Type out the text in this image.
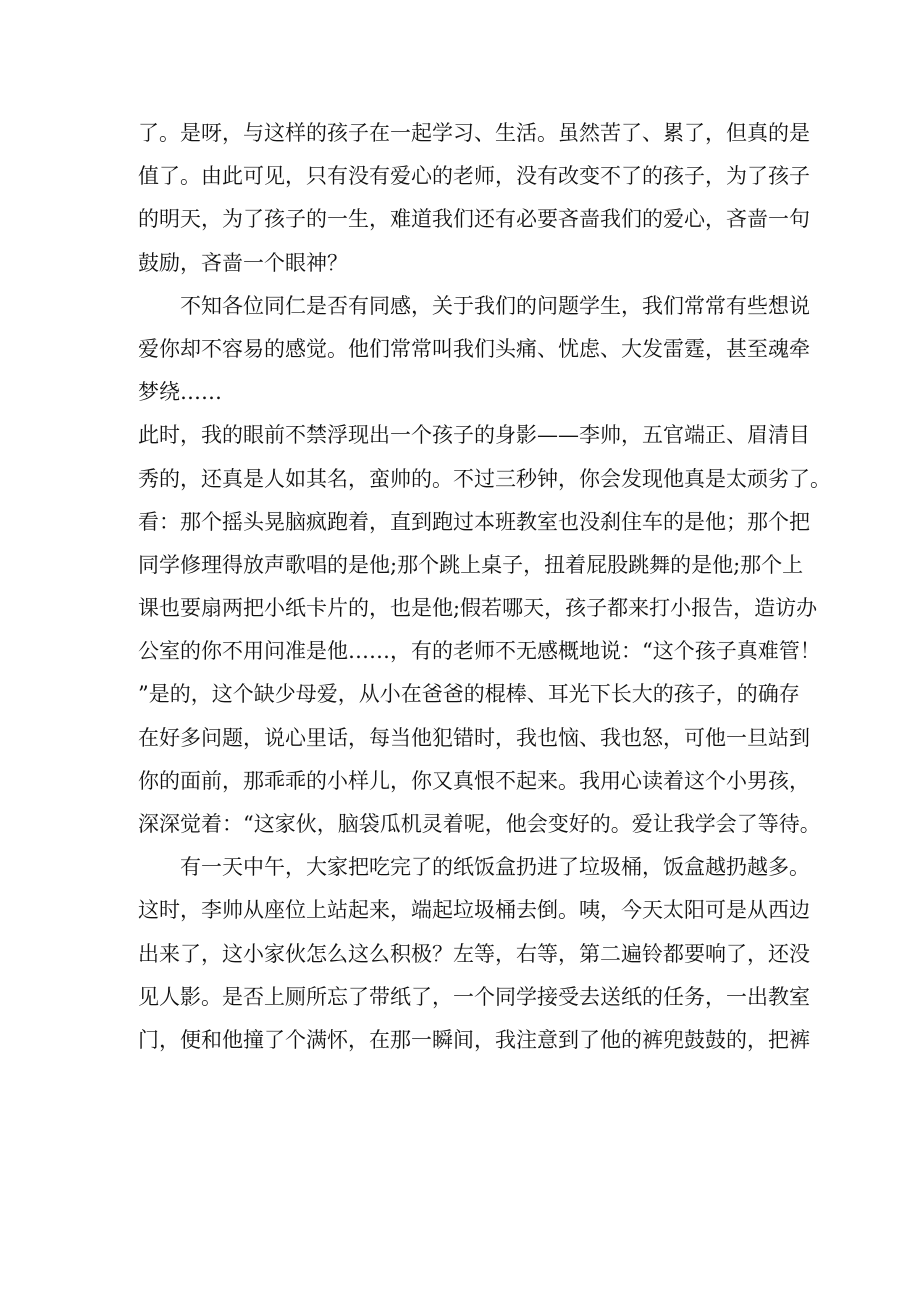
了。是呀，与这样的孩子在一起学习、生活。虽然苦了、累了，但真的是
值了。由此可见，只有没有爱心的老师，没有改变不了的孩子，为了孩子
的明天，为了孩子的一生，难道我们还有必要吝啬我们的爱心，吝啬一句
鼓励，吝啬一个眼神？
　　不知各位同仁是否有同感，关于我们的问题学生，我们常常有些想说
爱你却不容易的感觉。他们常常叫我们头痛、忧虑、大发雷霆，甚至魂牵
梦绕……
此时，我的眼前不禁浮现出一个孩子的身影——李帅，五官端正、眉清目
秀的，还真是人如其名，蛮帅的。不过三秒钟，你会发现他真是太顽劣了。
看：那个摇头晃脑疯跑着，直到跑过本班教室也没刹住车的是他；那个把
同学修理得放声歌唱的是他;那个跳上桌子，扭着屁股跳舞的是他;那个上
课也要扇两把小纸卡片的，也是他;假若哪天，孩子都来打小报告，造访办
公室的你不用问准是他……，有的老师不无感概地说：“这个孩子真难管！
”是的，这个缺少母爱，从小在爸爸的棍棒、耳光下长大的孩子，的确存
在好多问题，说心里话，每当他犯错时，我也恼、我也怒，可他一旦站到
你的面前，那乖乖的小样儿，你又真恨不起来。我用心读着这个小男孩，
深深觉着：“这家伙，脑袋瓜机灵着呢，他会变好的。爱让我学会了等待。
　　有一天中午，大家把吃完了的纸饭盒扔进了垃圾桶，饭盒越扔越多。
这时，李帅从座位上站起来，端起垃圾桶去倒。咦，今天太阳可是从西边
出来了，这小家伙怎么这么积极？左等，右等，第二遍铃都要响了，还没
见人影。是否上厕所忘了带纸了，一个同学接受去送纸的任务，一出教室
门，便和他撞了个满怀，在那一瞬间，我注意到了他的裤兜鼓鼓的，把裤
